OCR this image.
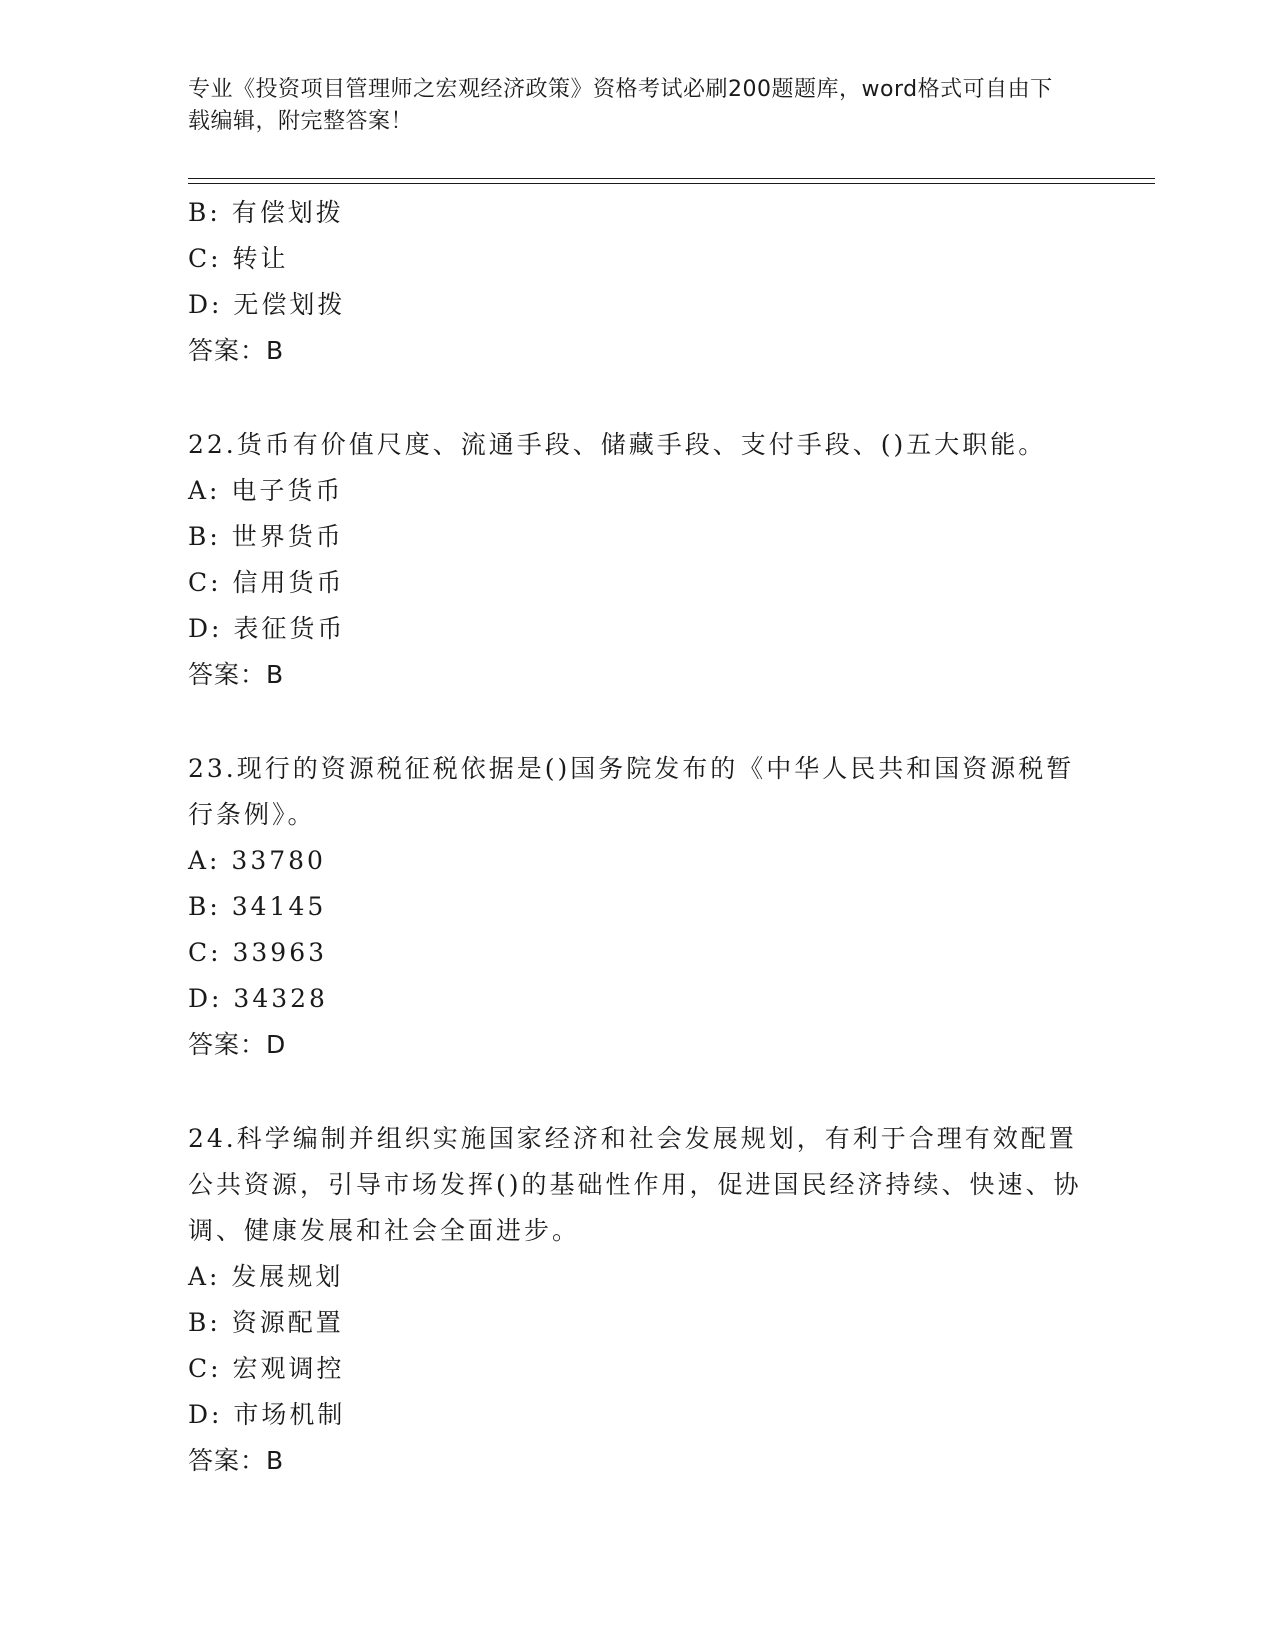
专业《投资项目管理师之宏观经济政策》资格考试必刷200题题库，word格式可自由下载编辑，附完整答案！
B: 有偿划拨
C: 转让
D: 无偿划拨
答案：B
22.货币有价值尺度、流通手段、储藏手段、支付手段、()五大职能。
A: 电子货币
B: 世界货币
C: 信用货币
D: 表征货币
答案：B
23.现行的资源税征税依据是()国务院发布的《中华人民共和国资源税暂行条例》。
A: 33780
B: 34145
C: 33963
D: 34328
答案：D
24.科学编制并组织实施国家经济和社会发展规划，有利于合理有效配置公共资源，引导市场发挥()的基础性作用，促进国民经济持续、快速、协调、健康发展和社会全面进步。
A: 发展规划
B: 资源配置
C: 宏观调控
D: 市场机制
答案：B
